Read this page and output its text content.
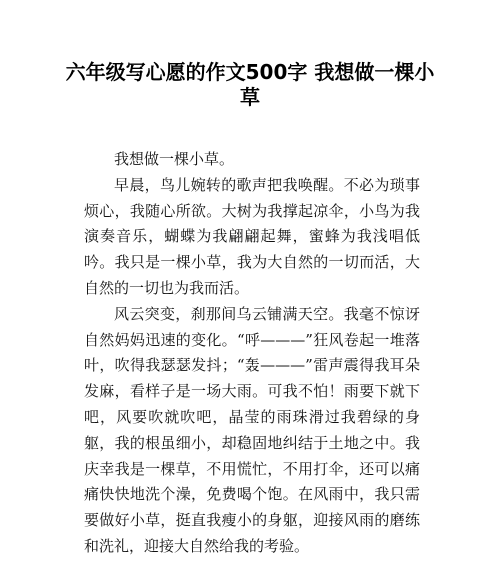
六年级写心愿的作文500字 我想做一棵小草

我想做一棵小草。

早晨，鸟儿婉转的歌声把我唤醒。不必为琐事烦心，我随心所欲。大树为我撑起凉伞，小鸟为我演奏音乐，蝴蝶为我翩翩起舞，蜜蜂为我浅唱低吟。我只是一棵小草，我为大自然的一切而活，大自然的一切也为我而活。

风云突变，刹那间乌云铺满天空。我毫不惊讶自然妈妈迅速的变化。“呼———”狂风卷起一堆落叶，吹得我瑟瑟发抖；“轰———”雷声震得我耳朵发麻，看样子是一场大雨。可我不怕！雨要下就下吧，风要吹就吹吧，晶莹的雨珠滑过我碧绿的身躯，我的根虽细小，却稳固地纠结于土地之中。我庆幸我是一棵草，不用慌忙，不用打伞，还可以痛痛快快地洗个澡，免费喝个饱。在风雨中，我只需要做好小草，挺直我瘦小的身躯，迎接风雨的磨练和洗礼，迎接大自然给我的考验。
